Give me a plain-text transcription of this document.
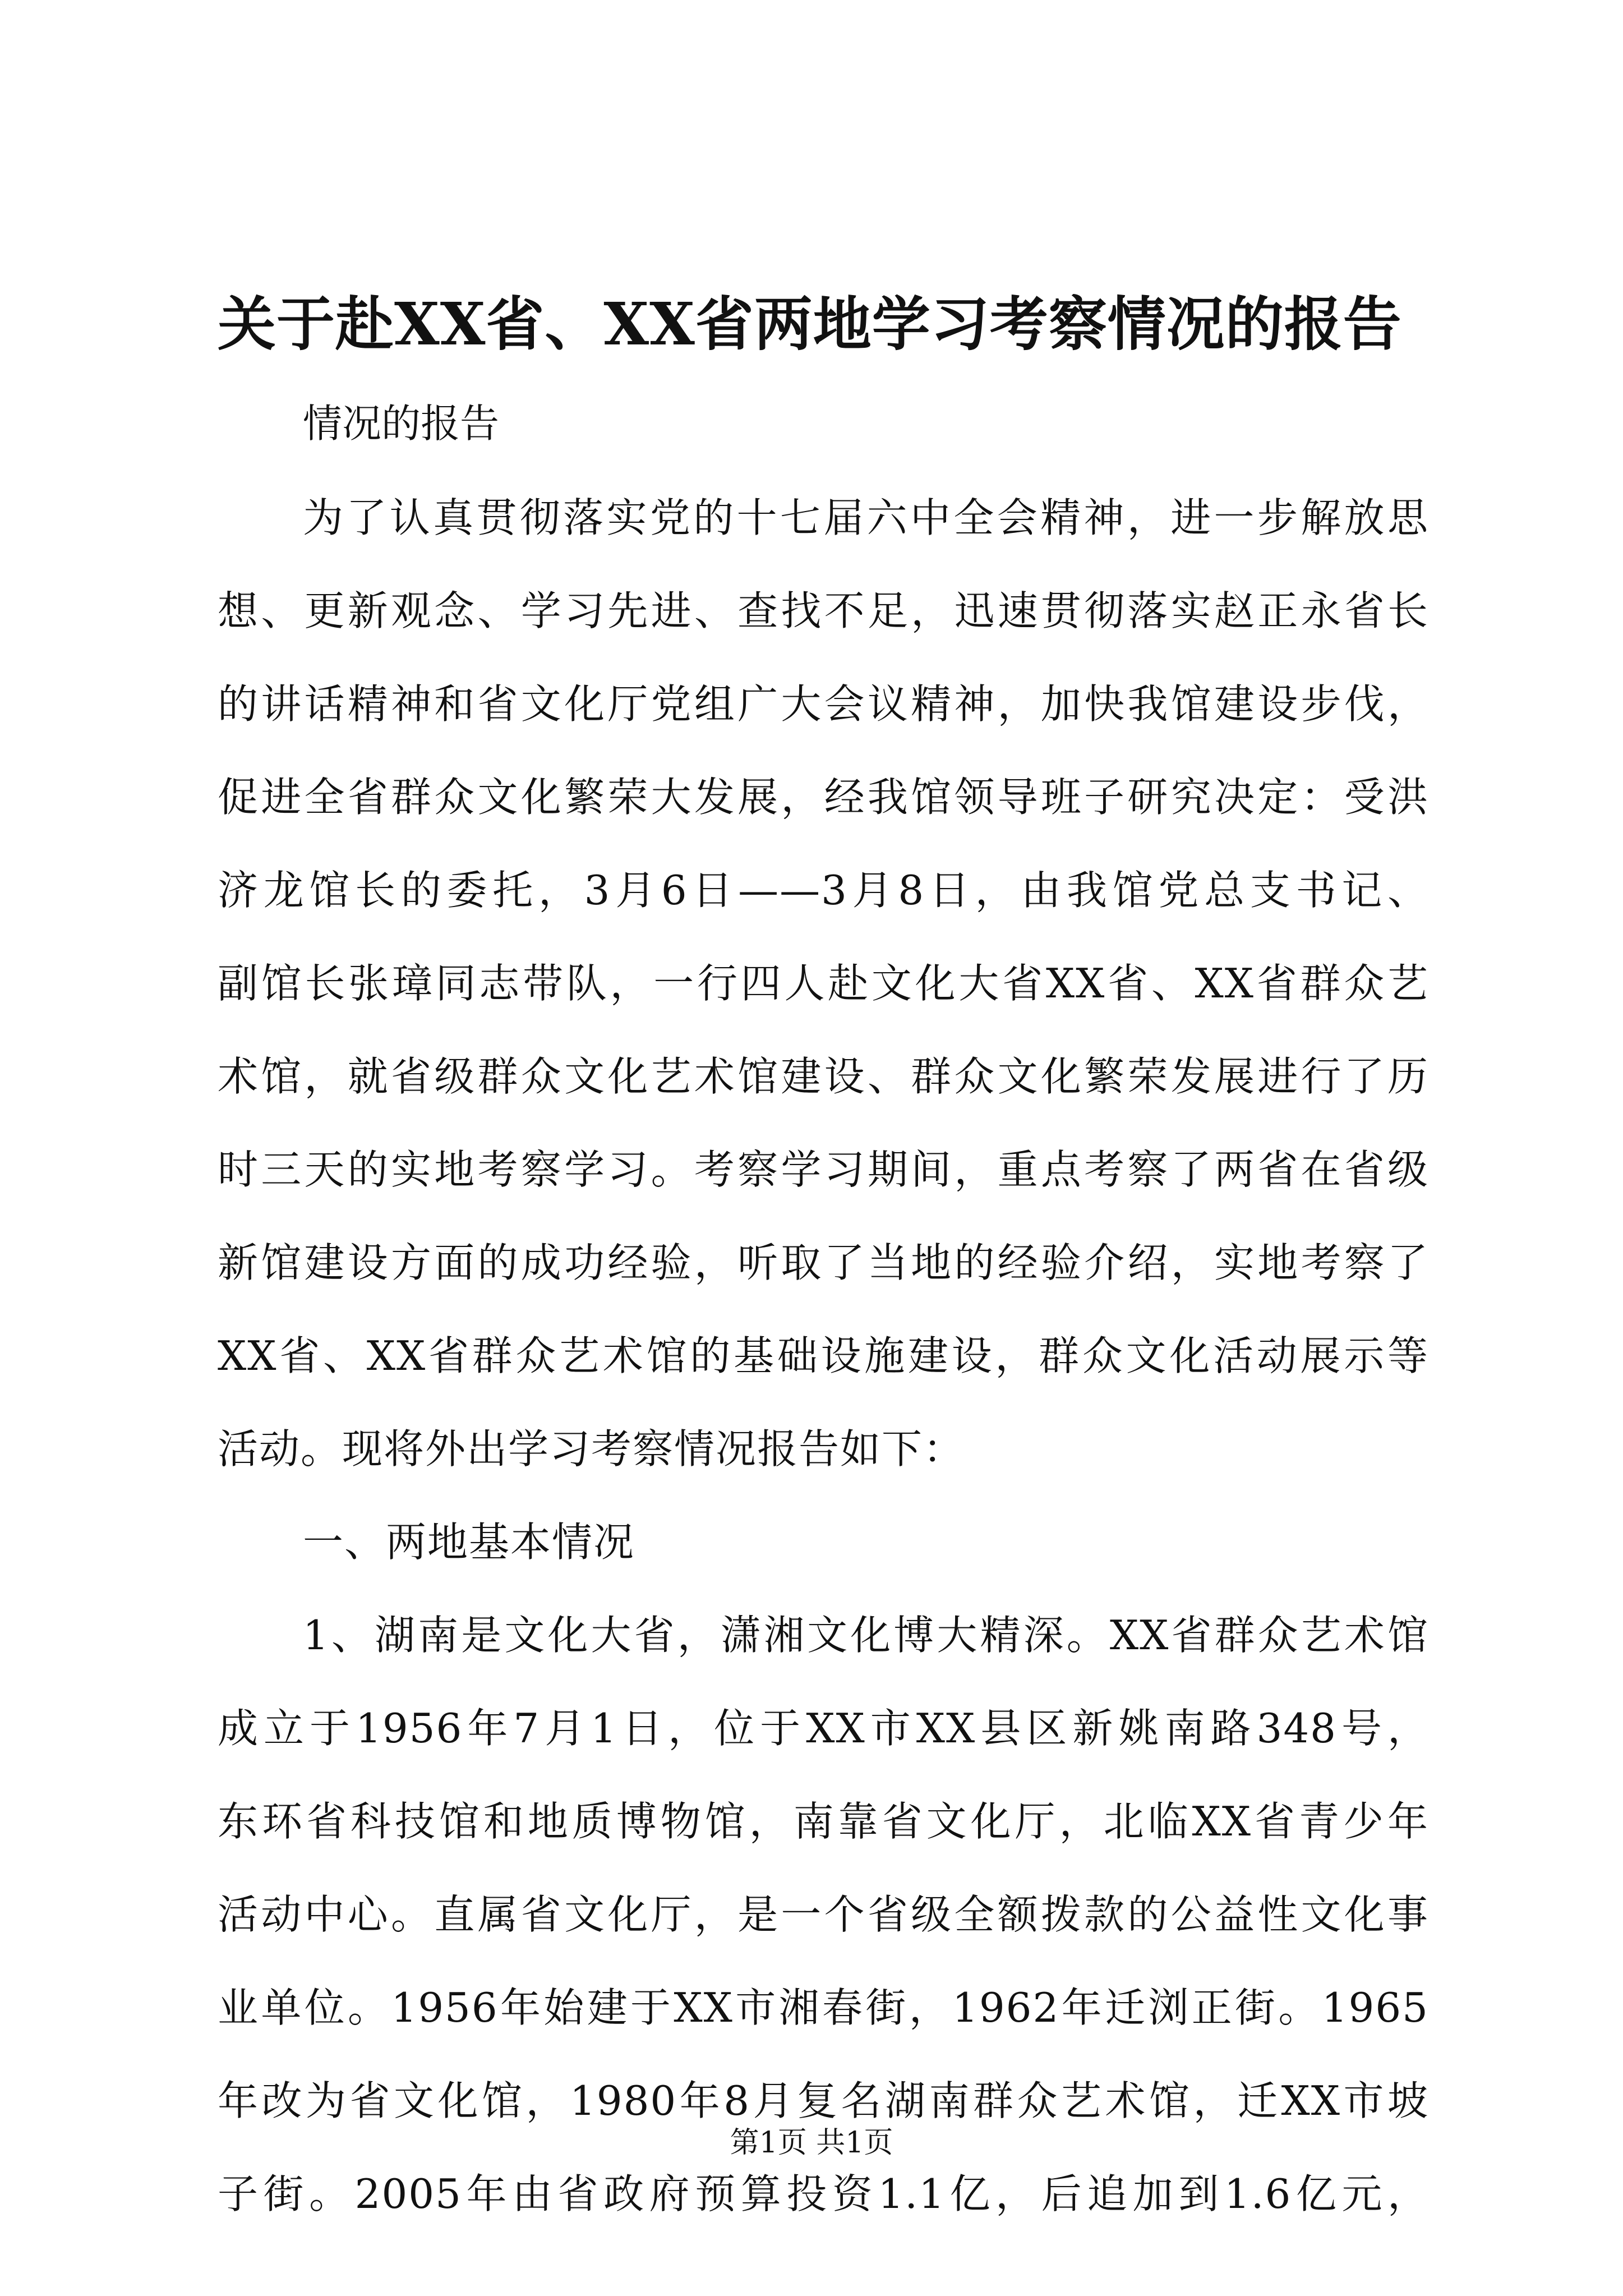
关于赴XX省、XX省两地学习考察情况的报告
情况的报告
为了认真贯彻落实党的十七届六中全会精神，进一步解放思
想、更新观念、学习先进、查找不足，迅速贯彻落实赵正永省长
的讲话精神和省文化厅党组广大会议精神，加快我馆建设步伐，
促进全省群众文化繁荣大发展，经我馆领导班子研究决定：受洪
济龙馆长的委托，3月6日——3月8日，由我馆党总支书记、
副馆长张璋同志带队，一行四人赴文化大省XX省、XX省群众艺
术馆，就省级群众文化艺术馆建设、群众文化繁荣发展进行了历
时三天的实地考察学习。考察学习期间，重点考察了两省在省级
新馆建设方面的成功经验，听取了当地的经验介绍，实地考察了
XX省、XX省群众艺术馆的基础设施建设，群众文化活动展示等
活动。现将外出学习考察情况报告如下：
一、两地基本情况
1、湖南是文化大省，潇湘文化博大精深。XX省群众艺术馆
成立于1956年7月1日，位于XX市XX县区新姚南路348号，
东环省科技馆和地质博物馆，南靠省文化厅，北临XX省青少年
活动中心。直属省文化厅，是一个省级全额拨款的公益性文化事
业单位。1956年始建于XX市湘春街，1962年迁浏正街。1965
年改为省文化馆，1980年8月复名湖南群众艺术馆，迁XX市坡
子街。2005年由省政府预算投资1.1亿，后追加到1.6亿元，
第1页 共1页
